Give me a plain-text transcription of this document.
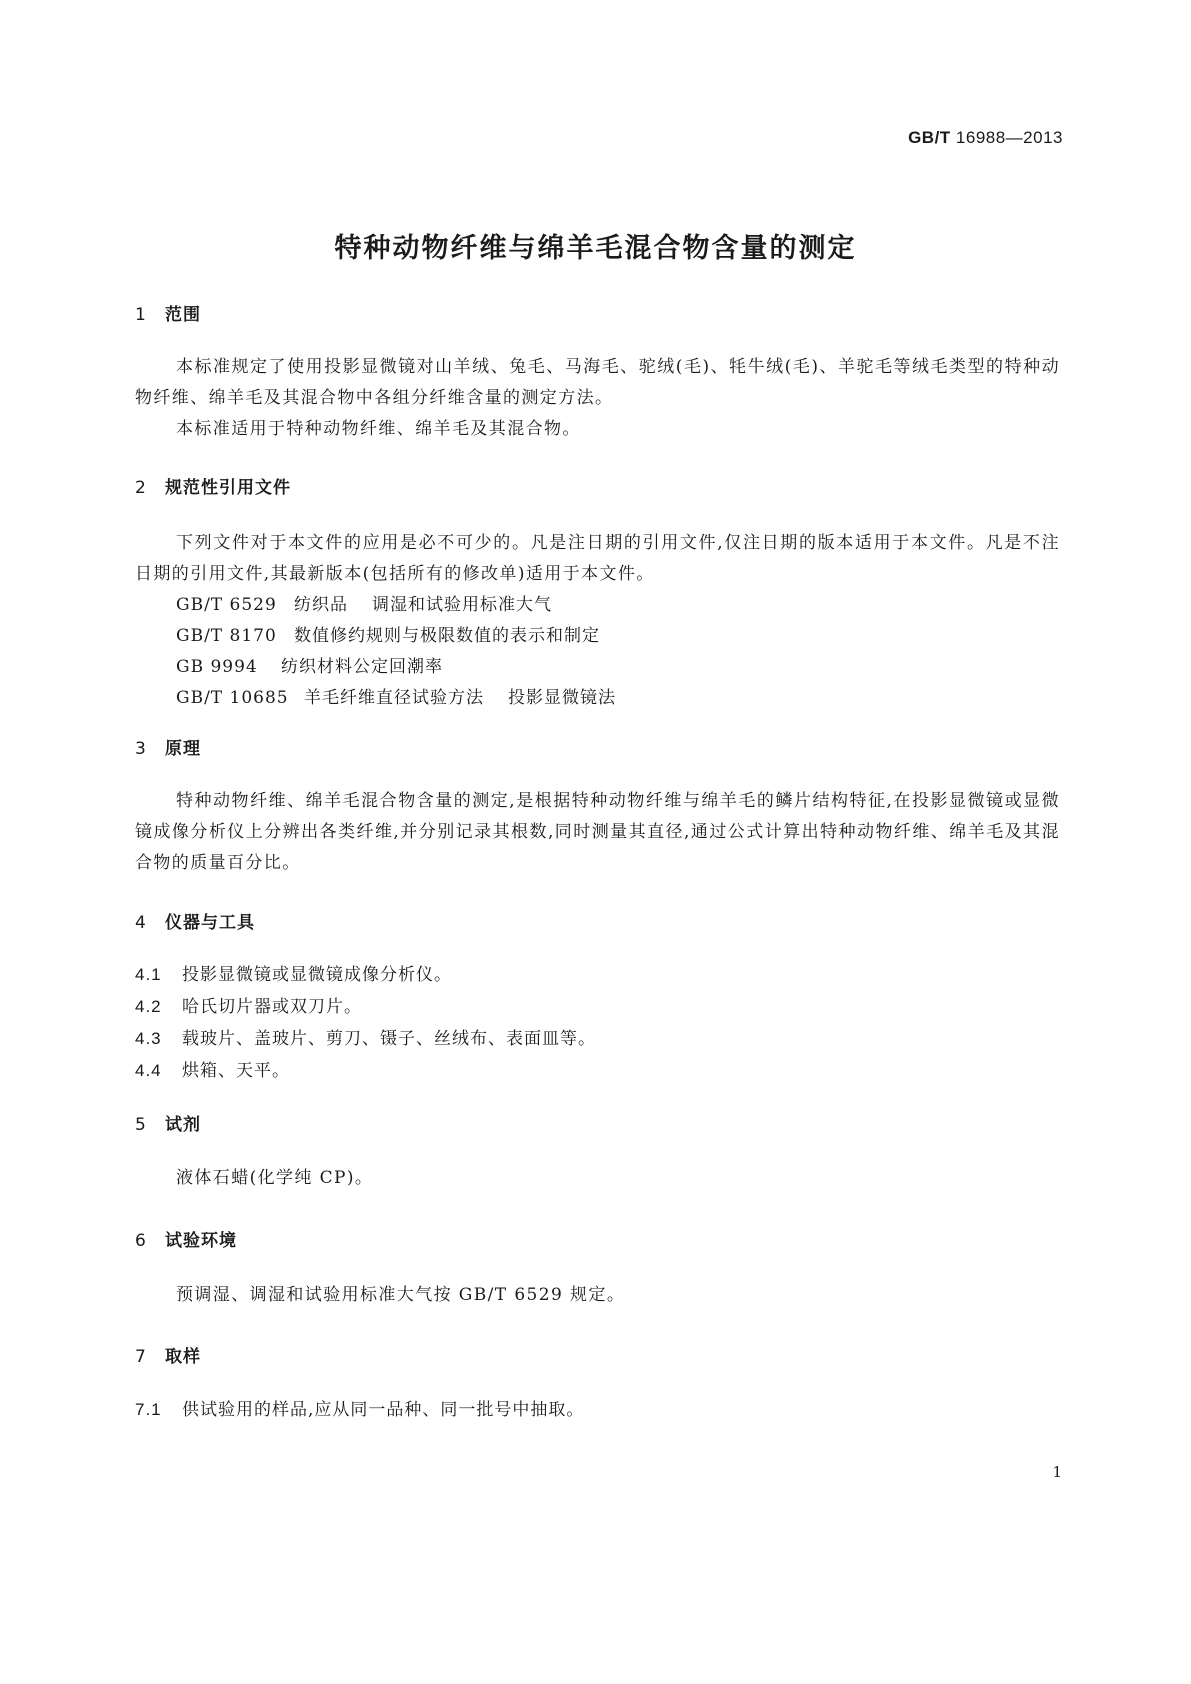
GB/T 16988—2013
特种动物纤维与绵羊毛混合物含量的测定
1 范围

本标准规定了使用投影显微镜对山羊绒、兔毛、马海毛、驼绒(毛)、牦牛绒(毛)、羊驼毛等绒毛类型的特种动物纤维、绵羊毛及其混合物中各组分纤维含量的测定方法。

本标准适用于特种动物纤维、绵羊毛及其混合物。

2 规范性引用文件

下列文件对于本文件的应用是必不可少的。凡是注日期的引用文件,仅注日期的版本适用于本文件。凡是不注日期的引用文件,其最新版本(包括所有的修改单)适用于本文件。

GB/T 6529 纺织品 调湿和试验用标准大气
GB/T 8170 数值修约规则与极限数值的表示和制定
GB 9994 纺织材料公定回潮率
GB/T 10685 羊毛纤维直径试验方法 投影显微镜法
3 原理

特种动物纤维、绵羊毛混合物含量的测定,是根据特种动物纤维与绵羊毛的鳞片结构特征,在投影显微镜或显微镜成像分析仪上分辨出各类纤维,并分别记录其根数,同时测量其直径,通过公式计算出特种动物纤维、绵羊毛及其混合物的质量百分比。

4 仪器与工具
4.1 投影显微镜或显微镜成像分析仪。
4.2 哈氏切片器或双刀片。
4.3 载玻片、盖玻片、剪刀、镊子、丝绒布、表面皿等。
4.4 烘箱、天平。
5 试剂

液体石蜡(化学纯 CP)。

6 试验环境

预调湿、调湿和试验用标准大气按 GB/T 6529 规定。

7 取样
7.1 供试验用的样品,应从同一品种、同一批号中抽取。
1
